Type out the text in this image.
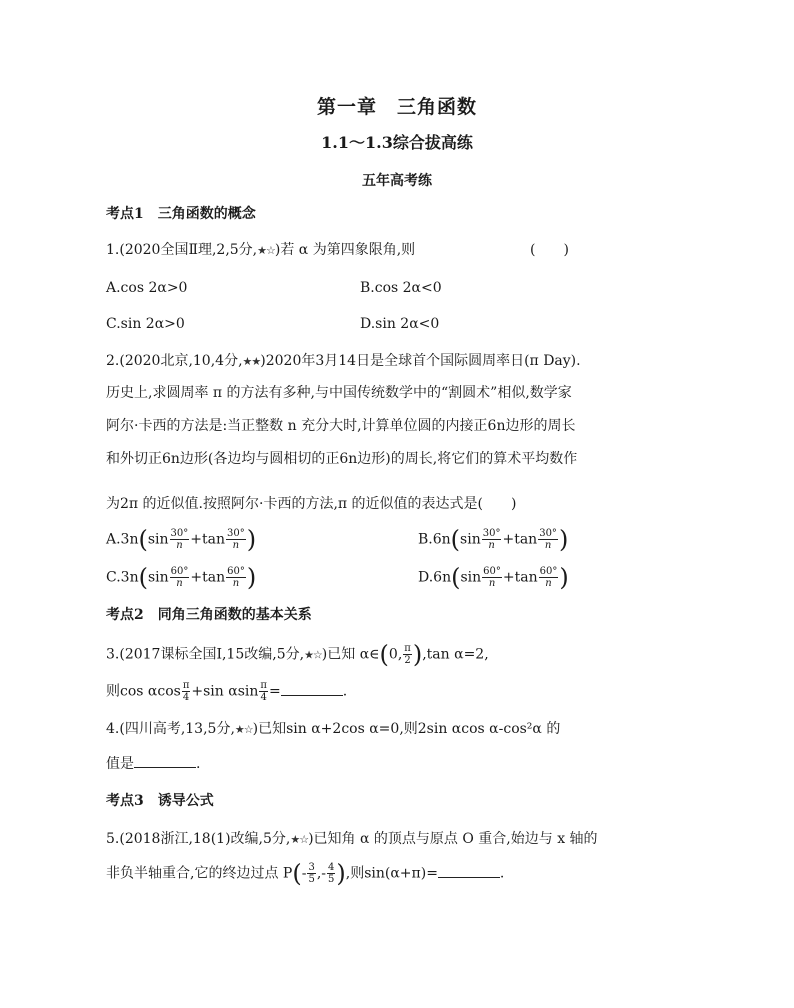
第一章　三角函数
1.1～1.3综合拔高练
五年高考练
考点1　三角函数的概念
1.(2020全国Ⅱ理,2,5分,★☆)若 α 为第四象限角,则	(　　)
A.cos 2α>0	B.cos 2α<0
C.sin 2α>0	D.sin 2α<0
2.(2020北京,10,4分,★★)2020年3月14日是全球首个国际圆周率日(π Day).
历史上,求圆周率 π 的方法有多种,与中国传统数学中的“割圆术”相似,数学家
阿尔·卡西的方法是:当正整数 n 充分大时,计算单位圆的内接正6n边形的周长
和外切正6n边形(各边均与圆相切的正6n边形)的周长,将它们的算术平均数作
为2π 的近似值.按照阿尔·卡西的方法,π 的近似值的表达式是(　　)
$A.3n(\sin \frac{30^\circ}{n} +\tan \frac{30^\circ}{n}$ )	$B.6n(\sin \frac{30^\circ}{n} +\tan \frac{30^\circ}{n}$ )
$C.3n(\sin \frac{60^\circ}{n} +\tan \frac{60^\circ}{n}$ )	$D.6n(\sin \frac{60^\circ}{n} +\tan \frac{60^\circ}{n}$ )
考点2　同角三角函数的基本关系
3.(2017课标全国Ⅰ,15改编,5分,★☆)已知 α∈(0, $\frac{\pi}{2} ),\tan$ α=2,
则cos αcos $\frac{\pi}{4} +\sin$ αsin $\frac{\pi}{4}$ =	.
4.(四川高考,13,5分,★☆)已知sin α+2cos α=0,则2sin αcos α-cos²α 的
值是	.
考点3　诱导公式
5.(2018浙江,18(1)改编,5分,★☆)已知角 α 的顶点与原点 O 重合,始边与 x 轴的
非负半轴重合,它的终边过点 $P(- \frac{3}{5}$ ,- $\frac{4}{5}$ ),则sin(α+π)=	.
